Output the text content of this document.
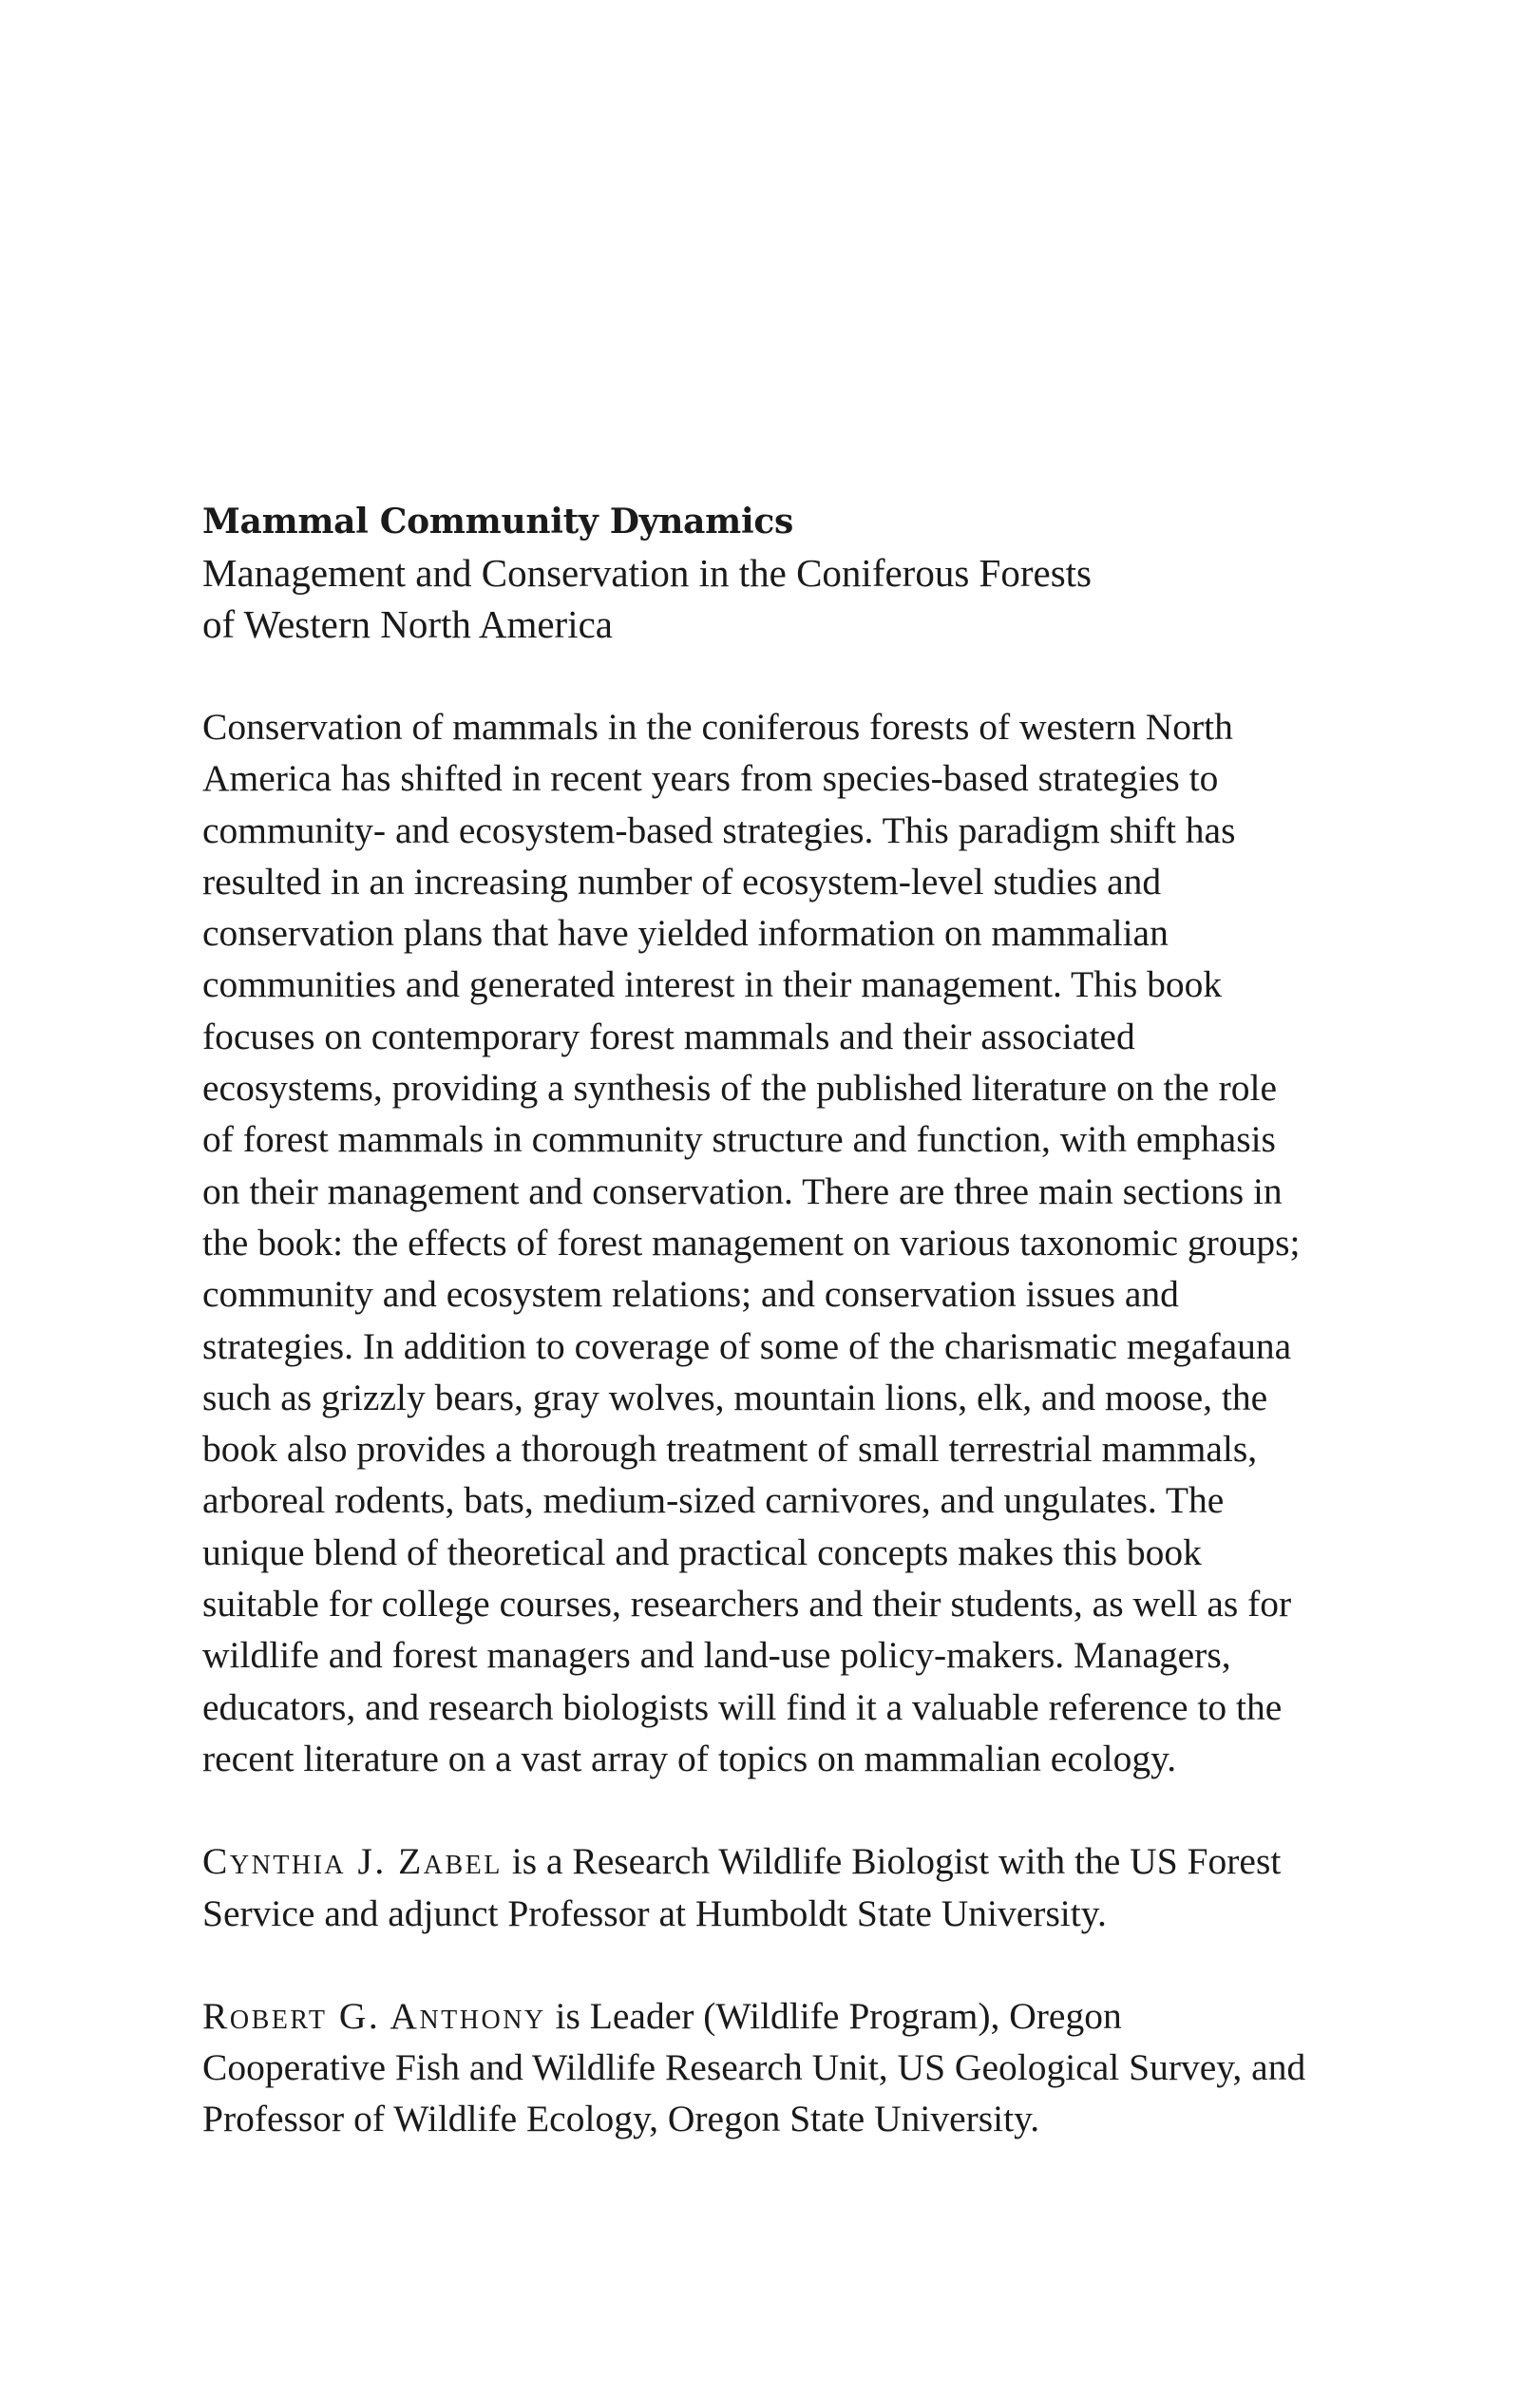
Mammal Community Dynamics
Management and Conservation in the Coniferous Forests
of Western North America
Conservation of mammals in the coniferous forests of western North
America has shifted in recent years from species-based strategies to
community- and ecosystem-based strategies. This paradigm shift has
resulted in an increasing number of ecosystem-level studies and
conservation plans that have yielded information on mammalian
communities and generated interest in their management. This book
focuses on contemporary forest mammals and their associated
ecosystems, providing a synthesis of the published literature on the role
of forest mammals in community structure and function, with emphasis
on their management and conservation. There are three main sections in
the book: the effects of forest management on various taxonomic groups;
community and ecosystem relations; and conservation issues and
strategies. In addition to coverage of some of the charismatic megafauna
such as grizzly bears, gray wolves, mountain lions, elk, and moose, the
book also provides a thorough treatment of small terrestrial mammals,
arboreal rodents, bats, medium-sized carnivores, and ungulates. The
unique blend of theoretical and practical concepts makes this book
suitable for college courses, researchers and their students, as well as for
wildlife and forest managers and land-use policy-makers. Managers,
educators, and research biologists will find it a valuable reference to the
recent literature on a vast array of topics on mammalian ecology.
Cynthia J. Zabel is a Research Wildlife Biologist with the US Forest
Service and adjunct Professor at Humboldt State University.
Robert G. Anthony is Leader (Wildlife Program), Oregon
Cooperative Fish and Wildlife Research Unit, US Geological Survey, and
Professor of Wildlife Ecology, Oregon State University.
